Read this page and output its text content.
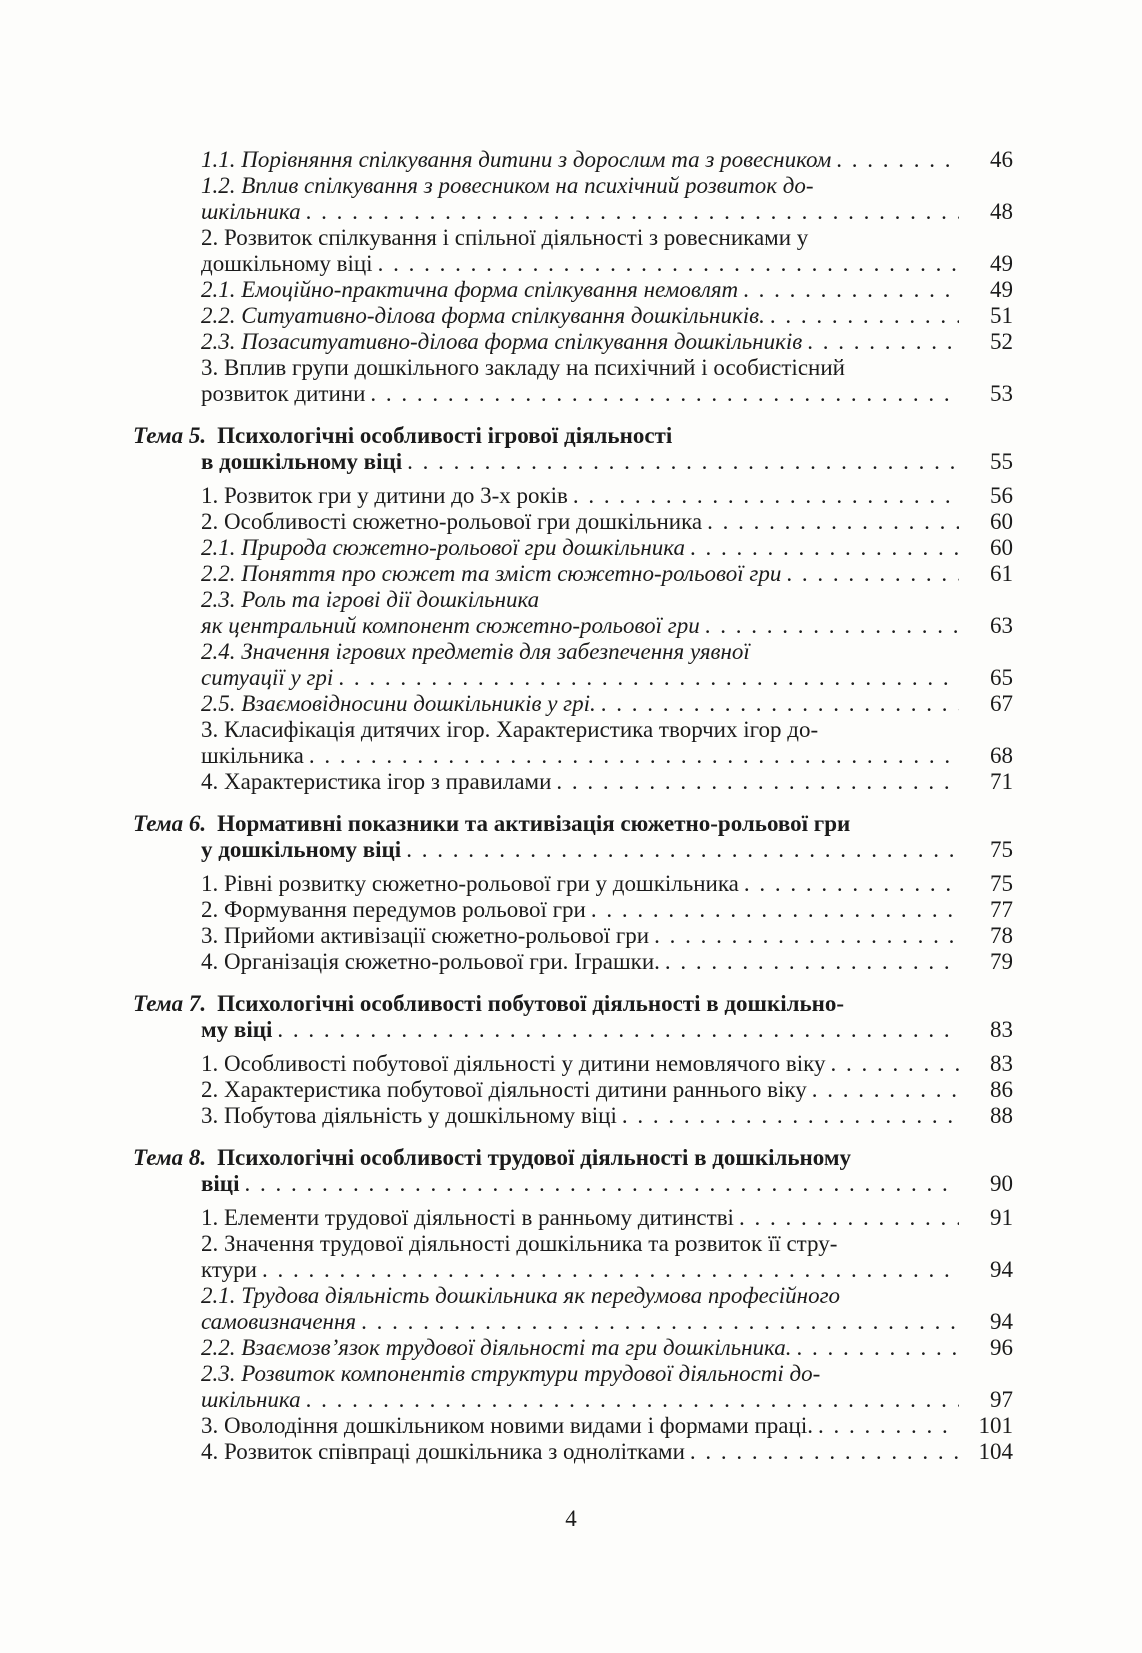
1.1. Порівняння спілкування дитини з дорослим та з ровесником . . .	46
1.2. Вплив спілкування з ровесником на психічний розвиток до-
шкільника . . .	48
2. Розвиток спілкування і спільної діяльності з ровесниками у
дошкільному віці . . .	49
2.1. Емоційно-практична форма спілкування немовлят . . .	49
2.2. Ситуативно-ділова форма спілкування дошкільників. . . .	51
2.3. Позаситуативно-ділова форма спілкування дошкільників . . .	52
3. Вплив групи дошкільного закладу на психічний і особистісний
розвиток дитини . . .	53
Тема 5. Психологічні особливості ігрової діяльності
в дошкільному віці . . .	55
1. Розвиток гри у дитини до 3-х років . . .	56
2. Особливості сюжетно-рольової гри дошкільника . . .	60
2.1. Природа сюжетно-рольової гри дошкільника . . .	60
2.2. Поняття про сюжет та зміст сюжетно-рольової гри . . .	61
2.3. Роль та ігрові дії дошкільника
як центральний компонент сюжетно-рольової гри . . .	63
2.4. Значення ігрових предметів для забезпечення уявної
ситуації у грі . . .	65
2.5. Взаємовідносини дошкільників у грі. . . .	67
3. Класифікація дитячих ігор. Характеристика творчих ігор до-
шкільника . . .	68
4. Характеристика ігор з правилами . . .	71
Тема 6. Нормативні показники та активізація сюжетно-рольової гри
у дошкільному віці . . .	75
1. Рівні розвитку сюжетно-рольової гри у дошкільника . . .	75
2. Формування передумов рольової гри . . .	77
3. Прийоми активізації сюжетно-рольової гри . . .	78
4. Організація сюжетно-рольової гри. Іграшки. . . .	79
Тема 7. Психологічні особливості побутової діяльності в дошкільно-
му віці . . .	83
1. Особливості побутової діяльності у дитини немовлячого віку . . .	83
2. Характеристика побутової діяльності дитини раннього віку . . .	86
3. Побутова діяльність у дошкільному віці . . .	88
Тема 8. Психологічні особливості трудової діяльності в дошкільному
віці . . .	90
1. Елементи трудової діяльності в ранньому дитинстві . . .	91
2. Значення трудової діяльності дошкільника та розвиток її стру-
ктури . . .	94
2.1. Трудова діяльність дошкільника як передумова професійного
самовизначення . . .	94
2.2. Взаємозв’язок трудової діяльності та гри дошкільника. . . .	96
2.3. Розвиток компонентів структури трудової діяльності до-
шкільника . . .	97
3. Оволодіння дошкільником новими видами і формами праці. . . .	101
4. Розвиток співпраці дошкільника з однолітками . . .	104
4
